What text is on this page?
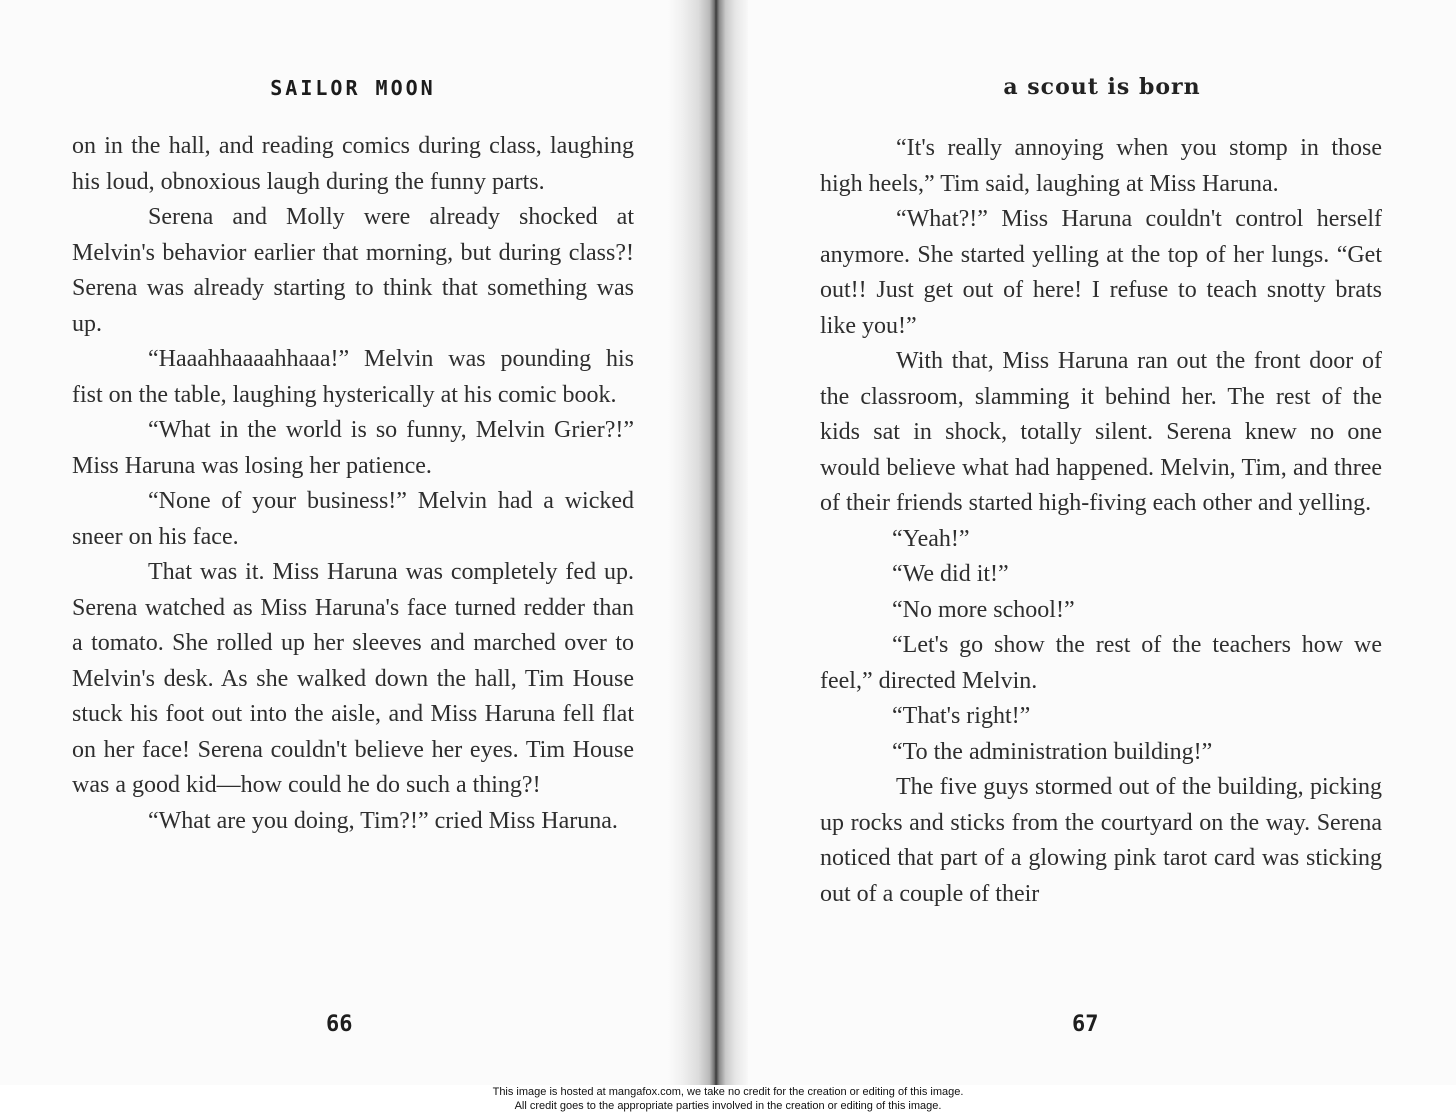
SAILOR MOON

on in the hall, and reading comics during class, laughing his loud, obnoxious laugh during the funny parts.

Serena and Molly were already shocked at Melvin's behavior earlier that morning, but during class?! Serena was already starting to think that something was up.

“Haaahhaaaahhaaa!” Melvin was pounding his fist on the table, laughing hysterically at his comic book.

“What in the world is so funny, Melvin Grier?!” Miss Haruna was losing her patience.

“None of your business!” Melvin had a wicked sneer on his face.

That was it. Miss Haruna was completely fed up. Serena watched as Miss Haruna's face turned redder than a tomato. She rolled up her sleeves and marched over to Melvin's desk. As she walked down the hall, Tim House stuck his foot out into the aisle, and Miss Haruna fell flat on her face! Serena couldn't believe her eyes. Tim House was a good kid—how could he do such a thing?!

“What are you doing, Tim?!” cried Miss Haruna.

66
a scout is born

“It's really annoying when you stomp in those high heels,” Tim said, laughing at Miss Haruna.

“What?!” Miss Haruna couldn't control herself anymore. She started yelling at the top of her lungs. “Get out!! Just get out of here! I refuse to teach snotty brats like you!”

With that, Miss Haruna ran out the front door of the classroom, slamming it behind her. The rest of the kids sat in shock, totally silent. Serena knew no one would believe what had happened. Melvin, Tim, and three of their friends started high-fiving each other and yelling.

“Yeah!”

“We did it!”

“No more school!”

“Let's go show the rest of the teachers how we feel,” directed Melvin.

“That's right!”

“To the administration building!”

The five guys stormed out of the building, picking up rocks and sticks from the courtyard on the way. Serena noticed that part of a glowing pink tarot card was sticking out of a couple of their

67
This image is hosted at mangafox.com, we take no credit for the creation or editing of this image.
All credit goes to the appropriate parties involved in the creation or editing of this image.
